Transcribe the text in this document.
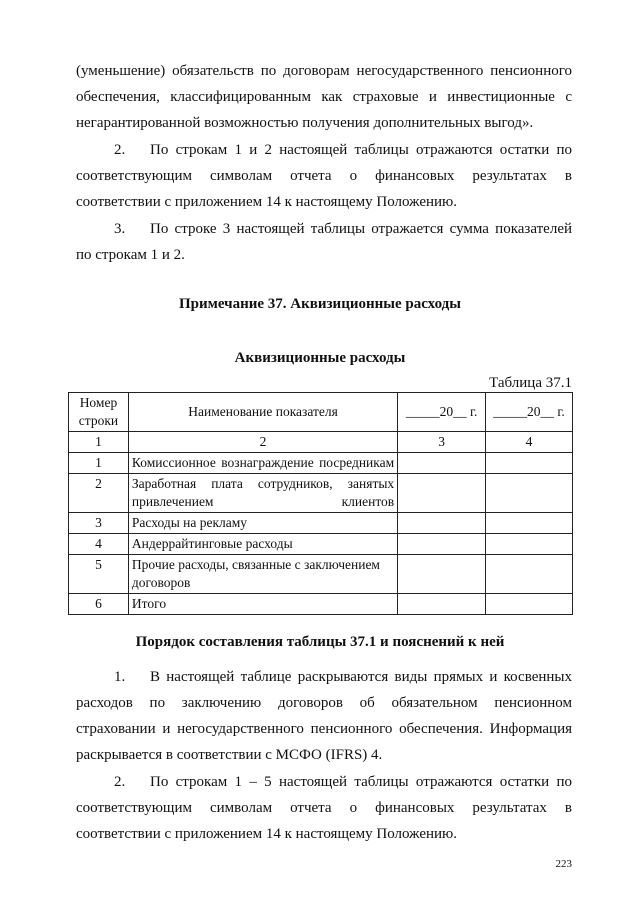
(уменьшение) обязательств по договорам негосударственного пенсионного

обеспечения, классифицированным как страховые и инвестиционные с

негарантированной возможностью получения дополнительных выгод».

2. По строкам 1 и 2 настоящей таблицы отражаются остатки по

соответствующим символам отчета о финансовых результатах в

соответствии с приложением 14 к настоящему Положению.

3. По строке 3 настоящей таблицы отражается сумма показателей

по строкам 1 и 2.

Примечание 37. Аквизиционные расходы

Аквизиционные расходы

Таблица 37.1
Номер строки	Наименование показателя	_____20__ г.	_____20__ г.
1	2	3	4
1	Комиссионное вознаграждение посредникам		
2	Заработная плата сотрудников, занятых привлечением клиентов		
3	Расходы на рекламу		
4	Андеррайтинговые расходы		
5	Прочие расходы, связанные с заключением договоров		
6	Итого		

Порядок составления таблицы 37.1 и пояснений к ней

1. В настоящей таблице раскрываются виды прямых и косвенных

расходов по заключению договоров об обязательном пенсионном

страховании и негосударственного пенсионного обеспечения. Информация

раскрывается в соответствии с МСФО (IFRS) 4.

2. По строкам 1 – 5 настоящей таблицы отражаются остатки по

соответствующим символам отчета о финансовых результатах в

соответствии с приложением 14 к настоящему Положению.

223
